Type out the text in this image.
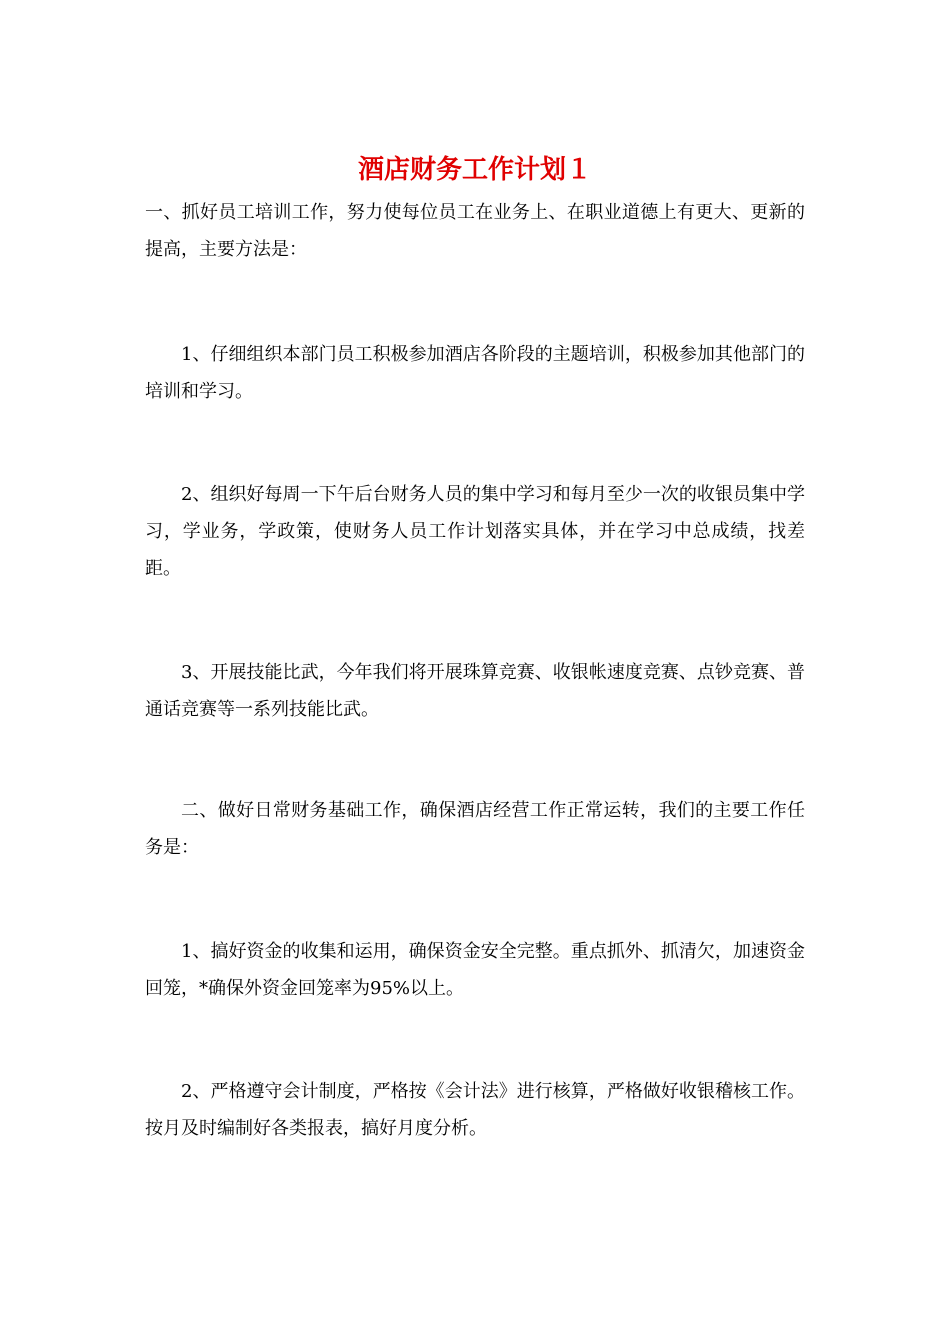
酒店财务工作计划１

一、抓好员工培训工作，努力使每位员工在业务上、在职业道德上有更大、更新的提高，主要方法是：

1、仔细组织本部门员工积极参加酒店各阶段的主题培训，积极参加其他部门的培训和学习。

2、组织好每周一下午后台财务人员的集中学习和每月至少一次的收银员集中学习，学业务，学政策，使财务人员工作计划落实具体，并在学习中总成绩，找差距。

3、开展技能比武，今年我们将开展珠算竞赛、收银帐速度竞赛、点钞竞赛、普通话竞赛等一系列技能比武。

二、做好日常财务基础工作，确保酒店经营工作正常运转，我们的主要工作任务是：

1、搞好资金的收集和运用，确保资金安全完整。重点抓外、抓清欠，加速资金回笼，*确保外资金回笼率为95%以上。

2、严格遵守会计制度，严格按《会计法》进行核算，严格做好收银稽核工作。按月及时编制好各类报表，搞好月度分析。
